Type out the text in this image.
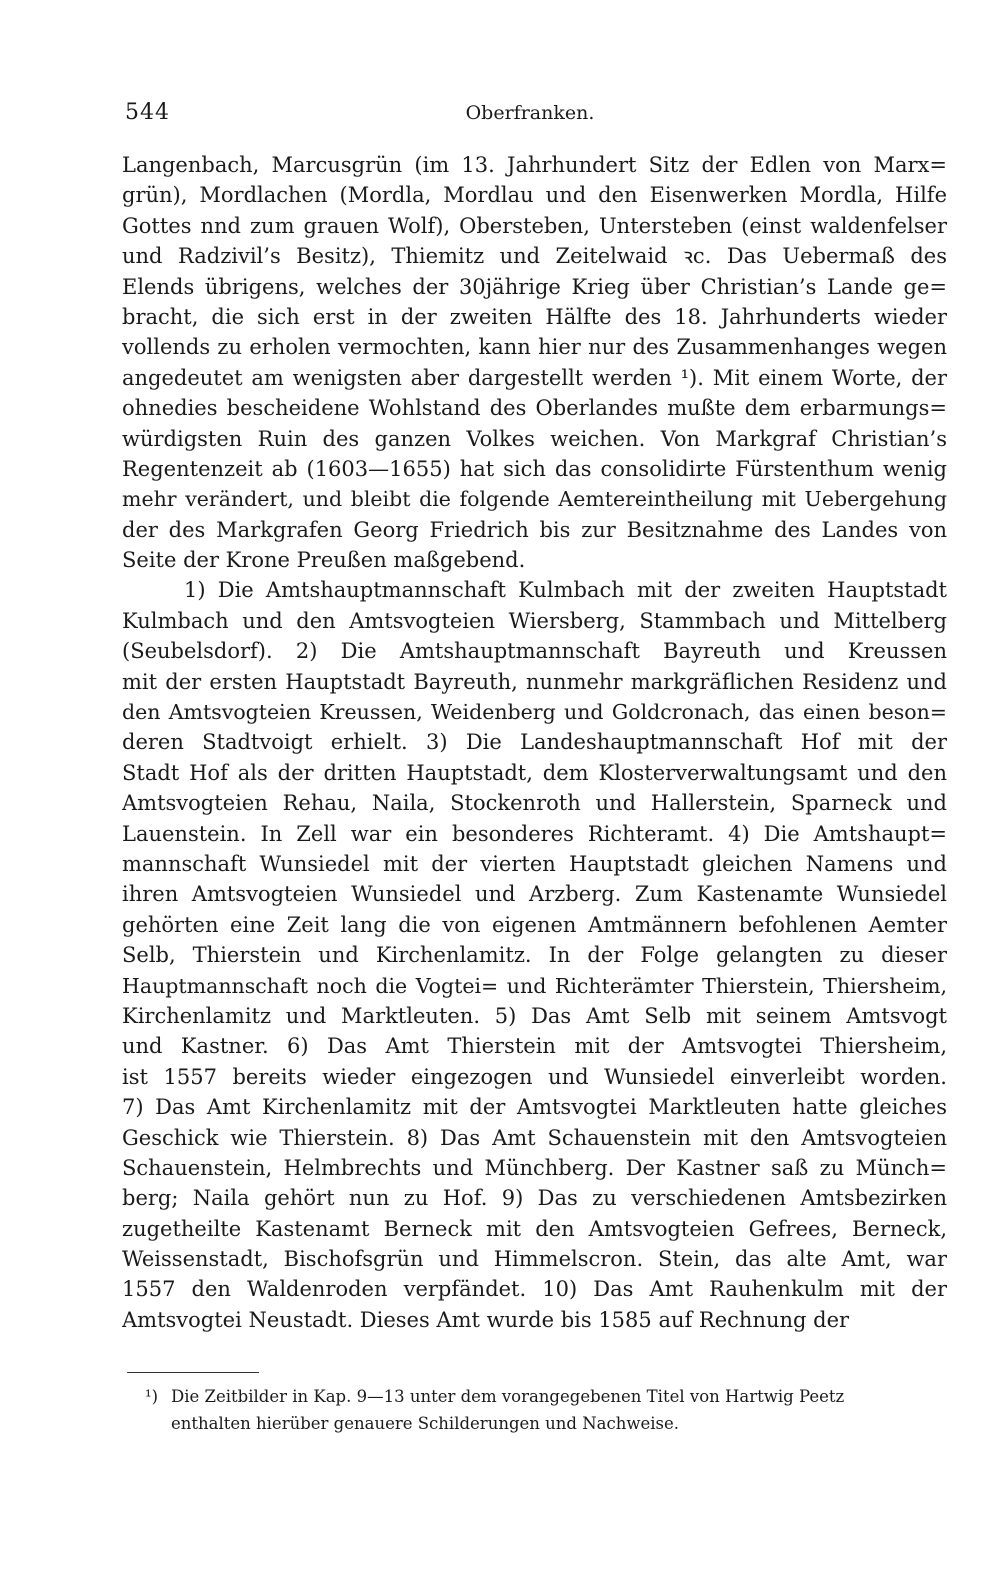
544	Oberfranken.
Langenbach, Marcusgrün (im 13. Jahrhundert Sitz der Edlen von Marx=
grün), Mordlachen (Mordla, Mordlau und den Eisenwerken Mordla, Hilfe
Gottes nnd zum grauen Wolf), Obersteben, Untersteben (einst waldenfelser
und Radzivil’s Besitz), Thiemitz und Zeitelwaid ꝛc. Das Uebermaß des
Elends übrigens, welches der 30jährige Krieg über Christian’s Lande ge=
bracht, die sich erst in der zweiten Hälfte des 18. Jahrhunderts wieder
vollends zu erholen vermochten, kann hier nur des Zusammenhanges wegen
angedeutet am wenigsten aber dargestellt werden ¹). Mit einem Worte, der
ohnedies bescheidene Wohlstand des Oberlandes mußte dem erbarmungs=
würdigsten Ruin des ganzen Volkes weichen. Von Markgraf Christian’s
Regentenzeit ab (1603—1655) hat sich das consolidirte Fürstenthum wenig
mehr verändert, und bleibt die folgende Aemtereintheilung mit Uebergehung
der des Markgrafen Georg Friedrich bis zur Besitznahme des Landes von
Seite der Krone Preußen maßgebend.
1) Die Amtshauptmannschaft Kulmbach mit der zweiten Hauptstadt
Kulmbach und den Amtsvogteien Wiersberg, Stammbach und Mittelberg
(Seubelsdorf). 2) Die Amtshauptmannschaft Bayreuth und Kreussen
mit der ersten Hauptstadt Bayreuth, nunmehr markgräflichen Residenz und
den Amtsvogteien Kreussen, Weidenberg und Goldcronach, das einen beson=
deren Stadtvoigt erhielt. 3) Die Landeshauptmannschaft Hof mit der
Stadt Hof als der dritten Hauptstadt, dem Klosterverwaltungsamt und den
Amtsvogteien Rehau, Naila, Stockenroth und Hallerstein, Sparneck und
Lauenstein. In Zell war ein besonderes Richteramt. 4) Die Amtshaupt=
mannschaft Wunsiedel mit der vierten Hauptstadt gleichen Namens und
ihren Amtsvogteien Wunsiedel und Arzberg. Zum Kastenamte Wunsiedel
gehörten eine Zeit lang die von eigenen Amtmännern befohlenen Aemter
Selb, Thierstein und Kirchenlamitz. In der Folge gelangten zu dieser
Hauptmannschaft noch die Vogtei= und Richterämter Thierstein, Thiersheim,
Kirchenlamitz und Marktleuten. 5) Das Amt Selb mit seinem Amtsvogt
und Kastner. 6) Das Amt Thierstein mit der Amtsvogtei Thiersheim,
ist 1557 bereits wieder eingezogen und Wunsiedel einverleibt worden.
7) Das Amt Kirchenlamitz mit der Amtsvogtei Marktleuten hatte gleiches
Geschick wie Thierstein. 8) Das Amt Schauenstein mit den Amtsvogteien
Schauenstein, Helmbrechts und Münchberg. Der Kastner saß zu Münch=
berg; Naila gehört nun zu Hof. 9) Das zu verschiedenen Amtsbezirken
zugetheilte Kastenamt Berneck mit den Amtsvogteien Gefrees, Berneck,
Weissenstadt, Bischofsgrün und Himmelscron. Stein, das alte Amt, war
1557 den Waldenroden verpfändet. 10) Das Amt Rauhenkulm mit der
Amtsvogtei Neustadt. Dieses Amt wurde bis 1585 auf Rechnung der
¹) Die Zeitbilder in Kap. 9—13 unter dem vorangegebenen Titel von Hartwig Peetz
enthalten hierüber genauere Schilderungen und Nachweise.
